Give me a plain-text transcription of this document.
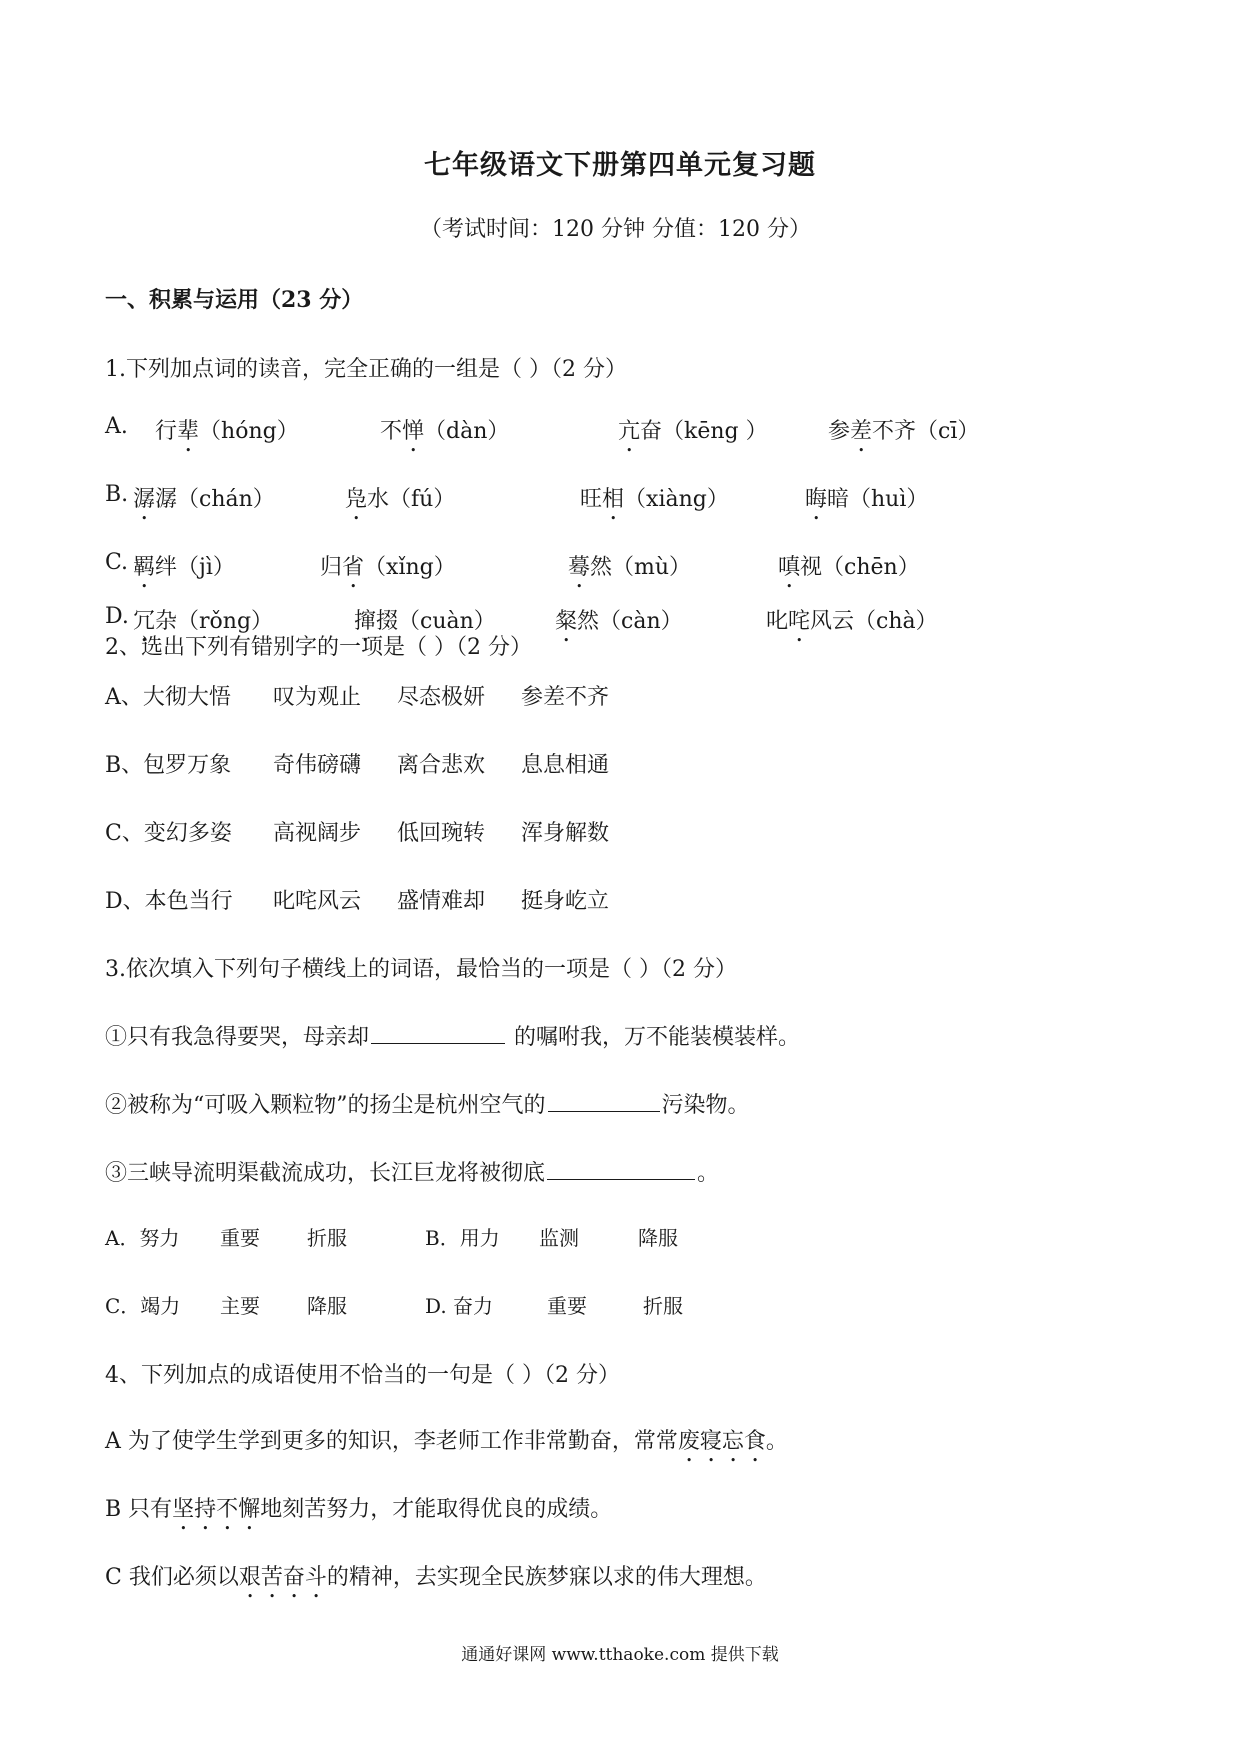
七年级语文下册第四单元复习题
（考试时间：120 分钟 分值：120 分）
一、积累与运用（23 分）
1.下列加点词的读音，完全正确的一组是（ ）（2 分）
A. 行辈（hóng）	不惮（dàn）	亢奋（kēng ）	参差不齐（cī）
B. 潺潺（chán）	凫水（fú）	旺相（xiàng）	晦暗（huì）
C. 羁绊（jì）	归省（xǐng）	蓦然（mù）	嗔视（chēn）
D. 冗杂（rǒng）	撺掇（cuàn）	粲然（càn）	叱咤风云（chà）
2、选出下列有错别字的一项是（ ）（2 分）
A、大彻大悟 叹为观止 尽态极妍 参差不齐
B、包罗万象 奇伟磅礴 离合悲欢 息息相通
C、变幻多姿 高视阔步 低回琬转 浑身解数
D、本色当行 叱咤风云 盛情难却 挺身屹立
3.依次填入下列句子横线上的词语，最恰当的一项是（ ）（2 分）
①只有我急得要哭，母亲却	的嘱咐我，万不能装模装样。
②被称为“可吸入颗粒物”的扬尘是杭州空气的	污染物。
③三峡导流明渠截流成功，长江巨龙将被彻底	。
A．努力 重要 折服	B．用力 监测	降服
C．竭力 主要 降服	D. 奋力	重要	折服
4、下列加点的成语使用不恰当的一句是（ ）（2 分）
A 为了使学生学到更多的知识，李老师工作非常勤奋，常常废寝忘食。
B 只有坚持不懈地刻苦努力，才能取得优良的成绩。
C 我们必须以艰苦奋斗的精神，去实现全民族梦寐以求的伟大理想。
通通好课网 www.tthaoke.com 提供下载
